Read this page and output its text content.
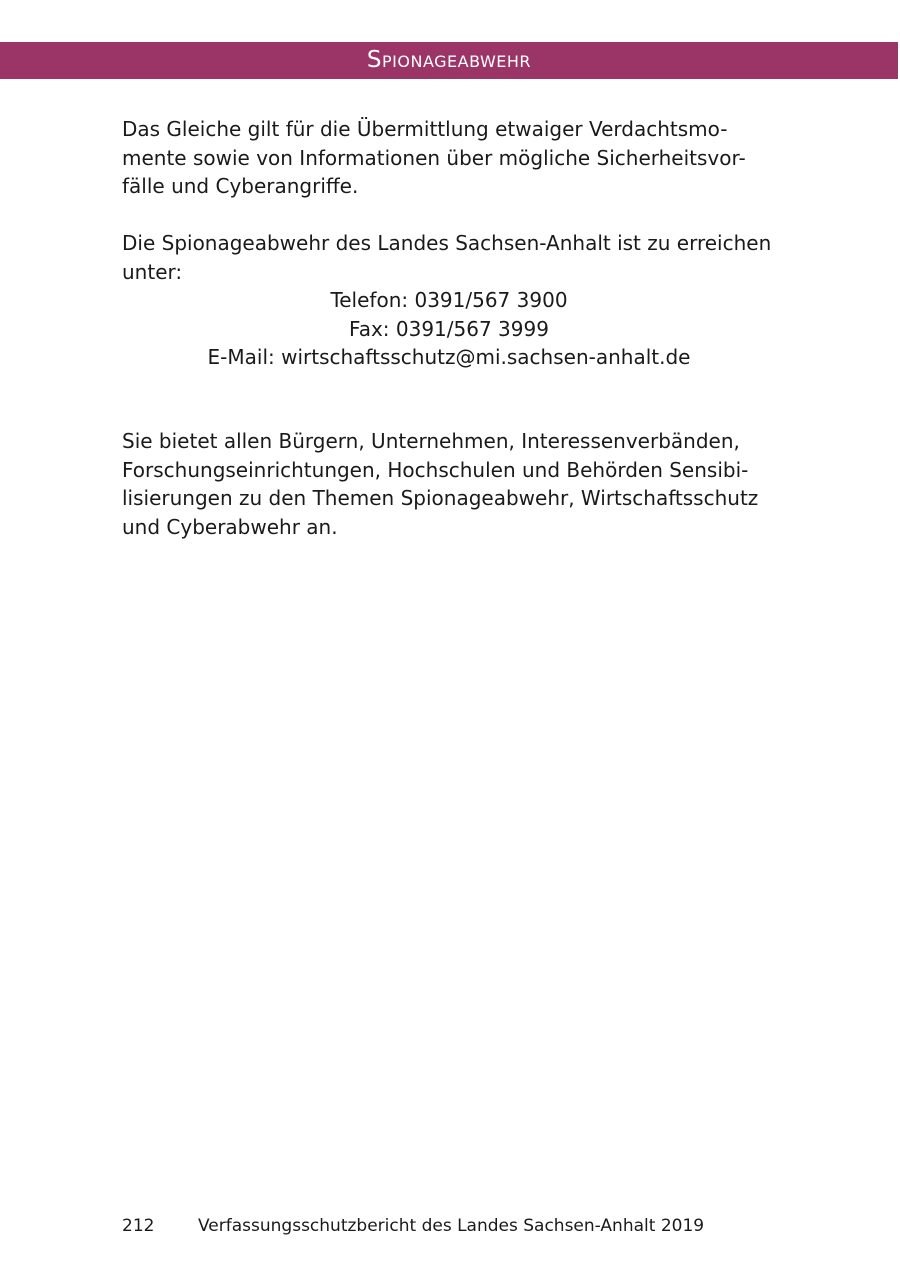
Spionageabwehr
Das Gleiche gilt für die Übermittlung etwaiger Verdachtsmo-
mente sowie von Informationen über mögliche Sicherheitsvor-
fälle und Cyberangriffe.
Die Spionageabwehr des Landes Sachsen-Anhalt ist zu erreichen
unter:
Telefon: 0391/567 3900
Fax: 0391/567 3999
E-Mail: wirtschaftsschutz@mi.sachsen-anhalt.de
Sie bietet allen Bürgern, Unternehmen, Interessenverbänden,
Forschungseinrichtungen, Hochschulen und Behörden Sensibi-
lisierungen zu den Themen Spionageabwehr, Wirtschaftsschutz
und Cyberabwehr an.
212	Verfassungsschutzbericht des Landes Sachsen-Anhalt 2019
